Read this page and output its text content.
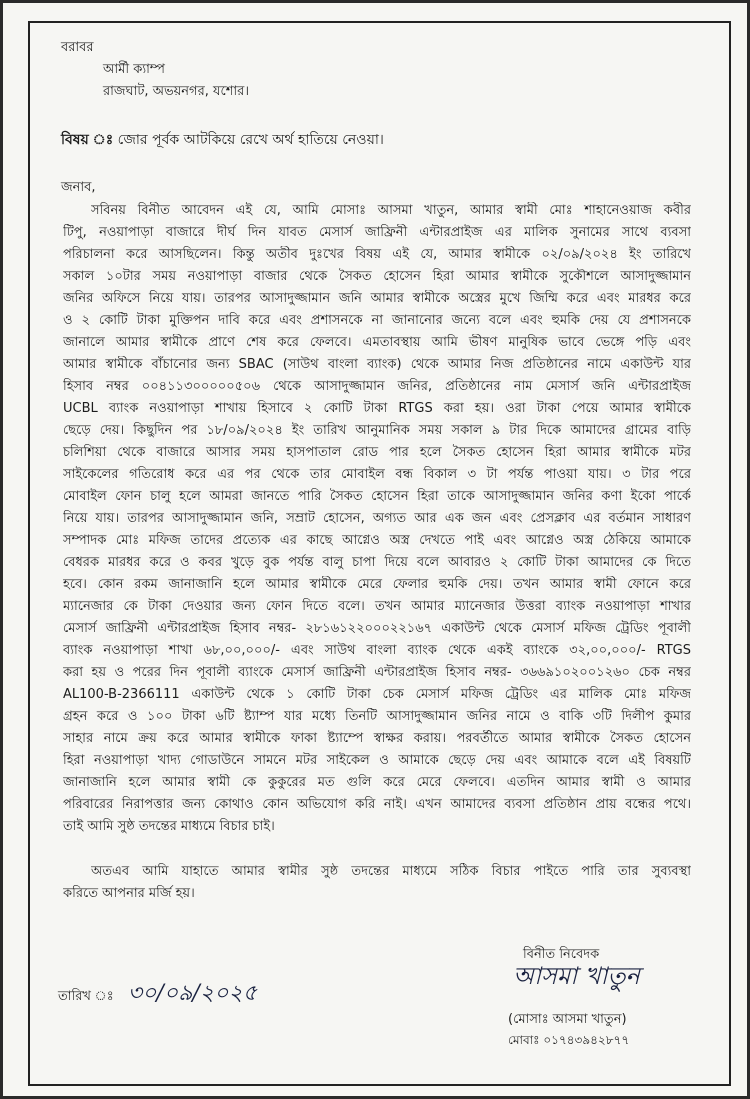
বরাবর

আর্মী ক্যাম্প

রাজঘাট, অভয়নগর, যশোর।

বিষয় ঃ জোর পূর্বক আটকিয়ে রেখে অর্থ হাতিয়ে নেওয়া।

জনাব,

সবিনয় বিনীত আবেদন এই যে, আমি মোসাঃ আসমা খাতুন, আমার স্বামী মোঃ শাহানেওয়াজ কবীর

টিপু, নওয়াপাড়া বাজারে দীর্ঘ দিন যাবত মেসার্স জাফ্রিনী এন্টারপ্রাইজ এর মালিক সুনামের সাথে ব্যবসা

পরিচালনা করে আসছিলেন। কিন্তু অতীব দুঃখের বিষয় এই যে, আমার স্বামীকে ০২/০৯/২০২৪ ইং তারিখে

সকাল ১০টার সময় নওয়াপাড়া বাজার থেকে সৈকত হোসেন হিরা আমার স্বামীকে সুকৌশলে আসাদুজ্জামান

জনির অফিসে নিয়ে যায়। তারপর আসাদুজ্জামান জনি আমার স্বামীকে অস্ত্রের মুখে জিম্মি করে এবং মারধর করে

ও ২ কোটি টাকা মুক্তিপন দাবি করে এবং প্রশাসনকে না জানানোর জন্যে বলে এবং হুমকি দেয় যে প্রশাসনকে

জানালে আমার স্বামীকে প্রাণে শেষ করে ফেলবে। এমতাবস্থায় আমি ভীষণ মানুষিক ভাবে ভেঙ্গে পড়ি এবং

আমার স্বামীকে বাঁচানোর জন্য SBAC (সাউথ বাংলা ব্যাংক) থেকে আমার নিজ প্রতিষ্ঠানের নামে একাউন্ট যার

হিসাব নম্বর ০০৪১১৩০০০০০৫০৬ থেকে আসাদুজ্জামান জনির, প্রতিষ্ঠানের নাম মেসার্স জনি এন্টারপ্রাইজ

UCBL ব্যাংক নওয়াপাড়া শাখায় হিসাবে ২ কোটি টাকা RTGS করা হয়। ওরা টাকা পেয়ে আমার স্বামীকে

ছেড়ে দেয়। কিছুদিন পর ১৮/০৯/২০২৪ ইং তারিখ আনুমানিক সময় সকাল ৯ টার দিকে আমাদের গ্রামের বাড়ি

চলিশিয়া থেকে বাজারে আসার সময় হাসপাতাল রোড পার হলে সৈকত হোসেন হিরা আমার স্বামীকে মটর

সাইকেলের গতিরোধ করে এর পর থেকে তার মোবাইল বন্ধ বিকাল ৩ টা পর্যন্ত পাওয়া যায়। ৩ টার পরে

মোবাইল ফোন চালু হলে আমরা জানতে পারি সৈকত হোসেন হিরা তাকে আসাদুজ্জামান জনির কণা ইকো পার্কে

নিয়ে যায়। তারপর আসাদুজ্জামান জনি, সম্রাট হোসেন, অগ্যত আর এক জন এবং প্রেসক্লাব এর বর্তমান সাধারণ

সম্পাদক মোঃ মফিজ তাদের প্রত্যেক এর কাছে আগ্নেও অস্ত্র দেখতে পাই এবং আগ্নেও অস্ত্র ঠেকিয়ে আমাকে

বেধরক মারধর করে ও কবর খুড়ে বুক পর্যন্ত বালু চাপা দিয়ে বলে আবারও ২ কোটি টাকা আমাদের কে দিতে

হবে। কোন রকম জানাজানি হলে আমার স্বামীকে মেরে ফেলার হুমকি দেয়। তখন আমার স্বামী ফোনে করে

ম্যানেজার কে টাকা দেওয়ার জন্য ফোন দিতে বলে। তখন আমার ম্যানেজার উত্তরা ব্যাংক নওয়াপাড়া শাখার

মেসার্স জাফ্রিনী এন্টারপ্রাইজ হিসাব নম্বর- ২৮১৬১২২০০০২২১৬৭ একাউন্ট থেকে মেসার্স মফিজ ট্রেডিং পূবালী

ব্যাংক নওয়াপাড়া শাখা ৬৮,০০,০০০/- এবং সাউথ বাংলা ব্যাংক থেকে একই ব্যাংকে ৩২,০০,০০০/- RTGS

করা হয় ও পরের দিন পূবালী ব্যাংকে মেসার্স জাফ্রিনী এন্টারপ্রাইজ হিসাব নম্বর- ৩৬৬৯১০২০০১২৬০ চেক নম্বর

AL100-B-2366111 একাউন্ট থেকে ১ কোটি টাকা চেক মেসার্স মফিজ ট্রেডিং এর মালিক মোঃ মফিজ

গ্রহন করে ও ১০০ টাকা ৬টি ষ্ট্যাম্প যার মধ্যে তিনটি আসাদুজ্জামান জনির নামে ও বাকি ৩টি দিলীপ কুমার

সাহার নামে ক্রয় করে আমার স্বামীকে ফাকা ষ্ট্যাম্পে স্বাক্ষর করায়। পরবর্তীতে আমার স্বামীকে সৈকত হোসেন

হিরা নওয়াপাড়া খাদ্য গোডাউনে সামনে মটর সাইকেল ও আমাকে ছেড়ে দেয় এবং আমাকে বলে এই বিষয়টি

জানাজানি হলে আমার স্বামী কে কুকুরের মত গুলি করে মেরে ফেলবে। এতদিন আমার স্বামী ও আমার

পরিবারের নিরাপত্তার জন্য কোথাও কোন অভিযোগ করি নাই। এখন আমাদের ব্যবসা প্রতিষ্ঠান প্রায় বন্ধের পথে।

তাই আমি সুষ্ঠ তদন্তের মাধ্যমে বিচার চাই।

অতএব আমি যাহাতে আমার স্বামীর সুষ্ঠ তদন্তের মাধ্যমে সঠিক বিচার পাইতে পারি তার সুব্যবস্থা

করিতে আপনার মর্জি হয়।

বিনীত নিবেদক

আসমা খাতুন

(মোসাঃ আসমা খাতুন)

মোবাঃ ০১৭৪৩৯৪২৮৭৭

তারিখ ঃ ৩০/০৯/২০২৫
